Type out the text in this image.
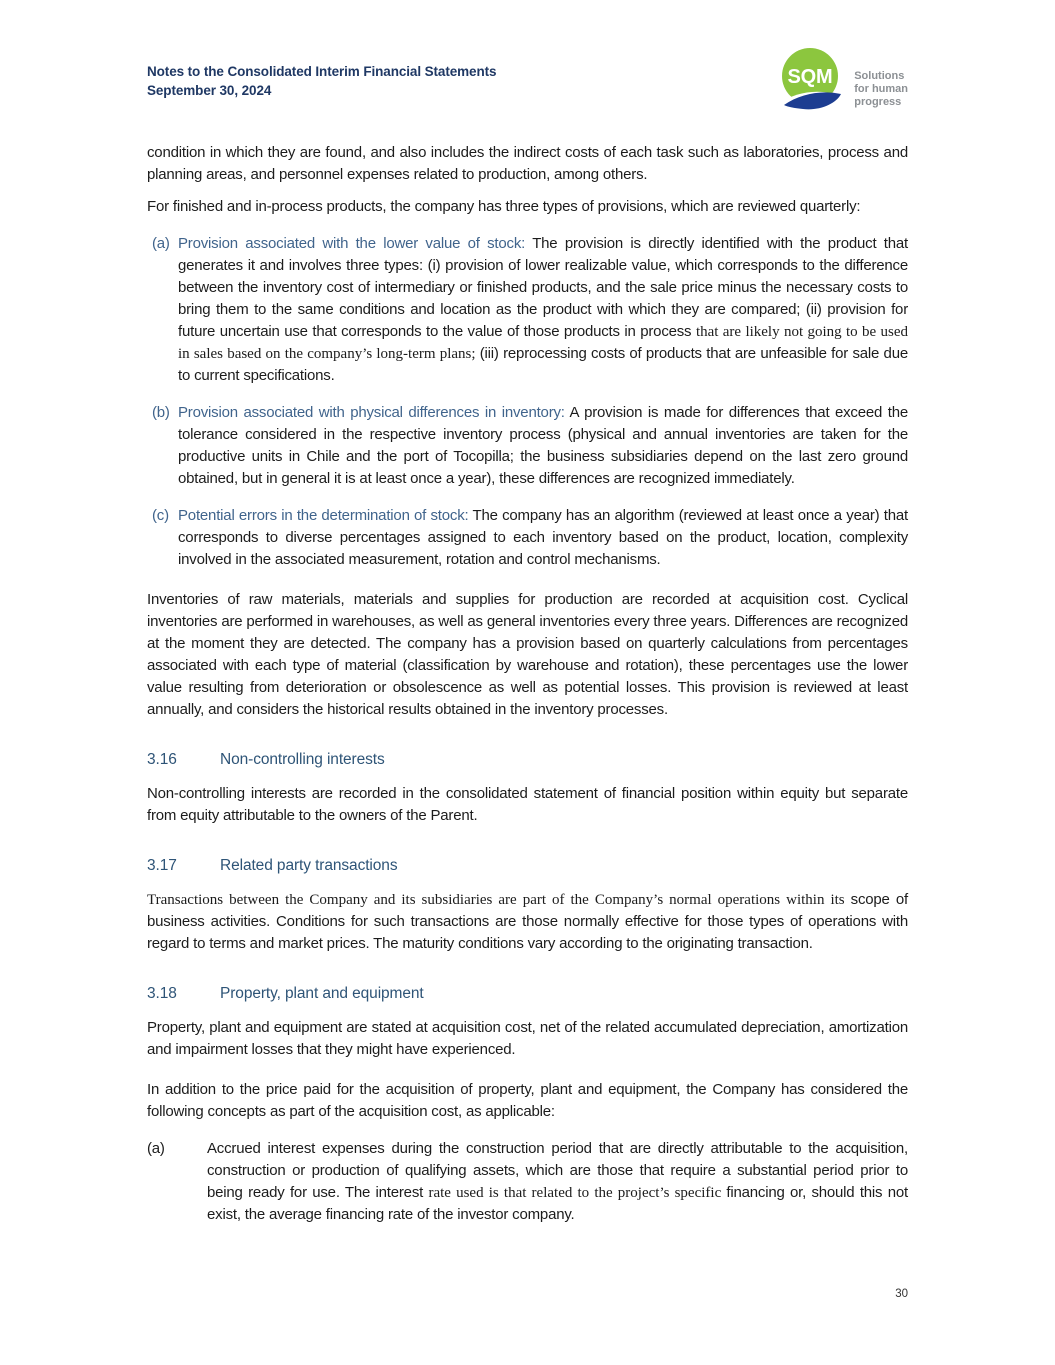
Notes to the Consolidated Interim Financial Statements
September 30, 2024
SQM Solutions
for human
progress

condition in which they are found, and also includes the indirect costs of each task such as laboratories, process and planning areas, and personnel expenses related to production, among others.

For finished and in-process products, the company has three types of provisions, which are reviewed quarterly:

(a) Provision associated with the lower value of stock: The provision is directly identified with the product that generates it and involves three types: (i) provision of lower realizable value, which corresponds to the difference between the inventory cost of intermediary or finished products, and the sale price minus the necessary costs to bring them to the same conditions and location as the product with which they are compared; (ii) provision for future uncertain use that corresponds to the value of those products in process that are likely not going to be used in sales based on the company’s long-term plans; (iii) reprocessing costs of products that are unfeasible for sale due to current specifications.

(b) Provision associated with physical differences in inventory: A provision is made for differences that exceed the tolerance considered in the respective inventory process (physical and annual inventories are taken for the productive units in Chile and the port of Tocopilla; the business subsidiaries depend on the last zero ground obtained, but in general it is at least once a year), these differences are recognized immediately.

(c) Potential errors in the determination of stock: The company has an algorithm (reviewed at least once a year) that corresponds to diverse percentages assigned to each inventory based on the product, location, complexity involved in the associated measurement, rotation and control mechanisms.

Inventories of raw materials, materials and supplies for production are recorded at acquisition cost. Cyclical inventories are performed in warehouses, as well as general inventories every three years. Differences are recognized at the moment they are detected. The company has a provision based on quarterly calculations from percentages associated with each type of material (classification by warehouse and rotation), these percentages use the lower value resulting from deterioration or obsolescence as well as potential losses. This provision is reviewed at least annually, and considers the historical results obtained in the inventory processes.

3.16	Non-controlling interests

Non-controlling interests are recorded in the consolidated statement of financial position within equity but separate from equity attributable to the owners of the Parent.

3.17	Related party transactions

Transactions between the Company and its subsidiaries are part of the Company’s normal operations within its scope of business activities. Conditions for such transactions are those normally effective for those types of operations with regard to terms and market prices. The maturity conditions vary according to the originating transaction.

3.18	Property, plant and equipment

Property, plant and equipment are stated at acquisition cost, net of the related accumulated depreciation, amortization and impairment losses that they might have experienced.

In addition to the price paid for the acquisition of property, plant and equipment, the Company has considered the following concepts as part of the acquisition cost, as applicable:

(a)	Accrued interest expenses during the construction period that are directly attributable to the acquisition, construction or production of qualifying assets, which are those that require a substantial period prior to being ready for use. The interest rate used is that related to the project’s specific financing or, should this not exist, the average financing rate of the investor company.

30
